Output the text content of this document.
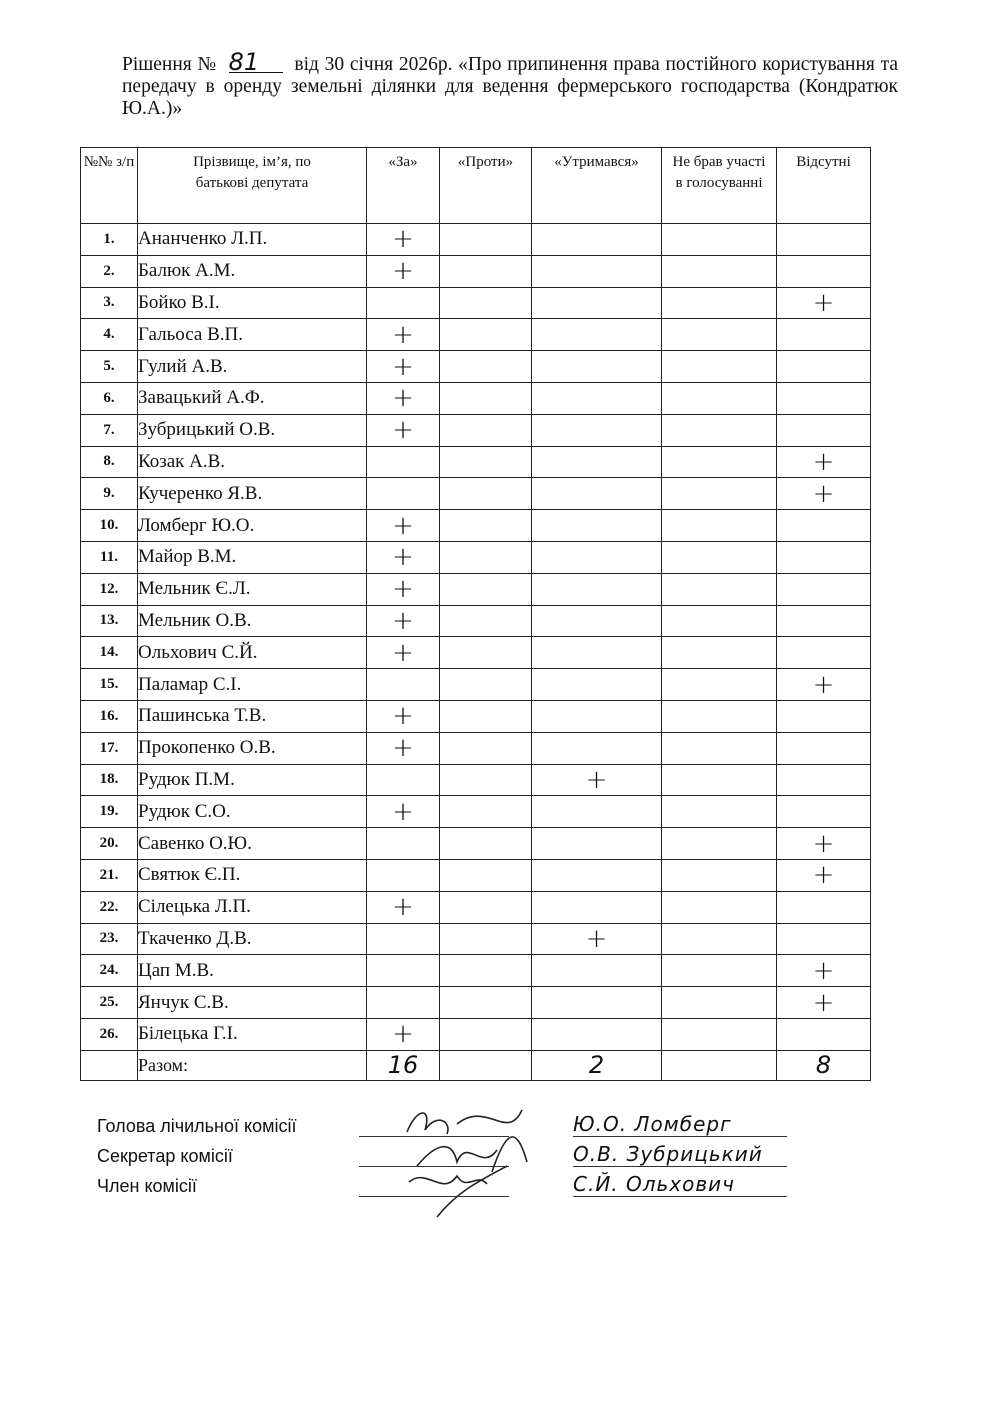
Рішення № 81 від 30 січня 2026р. «Про припинення права постійного користування та передачу в оренду земельні ділянки для ведення фермерського господарства (Кондратюк Ю.А.)»
№№ з/п	Прізвище, ім’я, по батькові депутата	«За»	«Проти»	«Утримався»	Не брав участі в голосуванні	Відсутні
1.	Ананченко Л.П.	+				
2.	Балюк А.М.	+				
3.	Бойко В.І.					+
4.	Гальоса В.П.	+				
5.	Гулий А.В.	+				
6.	Завацький А.Ф.	+				
7.	Зубрицький О.В.	+				
8.	Козак А.В.					+
9.	Кучеренко Я.В.					+
10.	Ломберг Ю.О.	+				
11.	Майор В.М.	+				
12.	Мельник Є.Л.	+				
13.	Мельник О.В.	+				
14.	Ольхович С.Й.	+				
15.	Паламар С.І.					+
16.	Пашинська Т.В.	+				
17.	Прокопенко О.В.	+				
18.	Рудюк П.М.			+		
19.	Рудюк С.О.	+				
20.	Савенко О.Ю.					+
21.	Святюк Є.П.					+
22.	Сілецька Л.П.	+				
23.	Ткаченко Д.В.			+		
24.	Цап М.В.					+
25.	Янчук С.В.					+
26.	Білецька Г.І.	+				
	Разом:	16		2		8
Голова лічильної комісії	Ю.О. Ломберг
Секретар комісії	О.В. Зубрицький
Член комісії	С.Й. Ольхович
